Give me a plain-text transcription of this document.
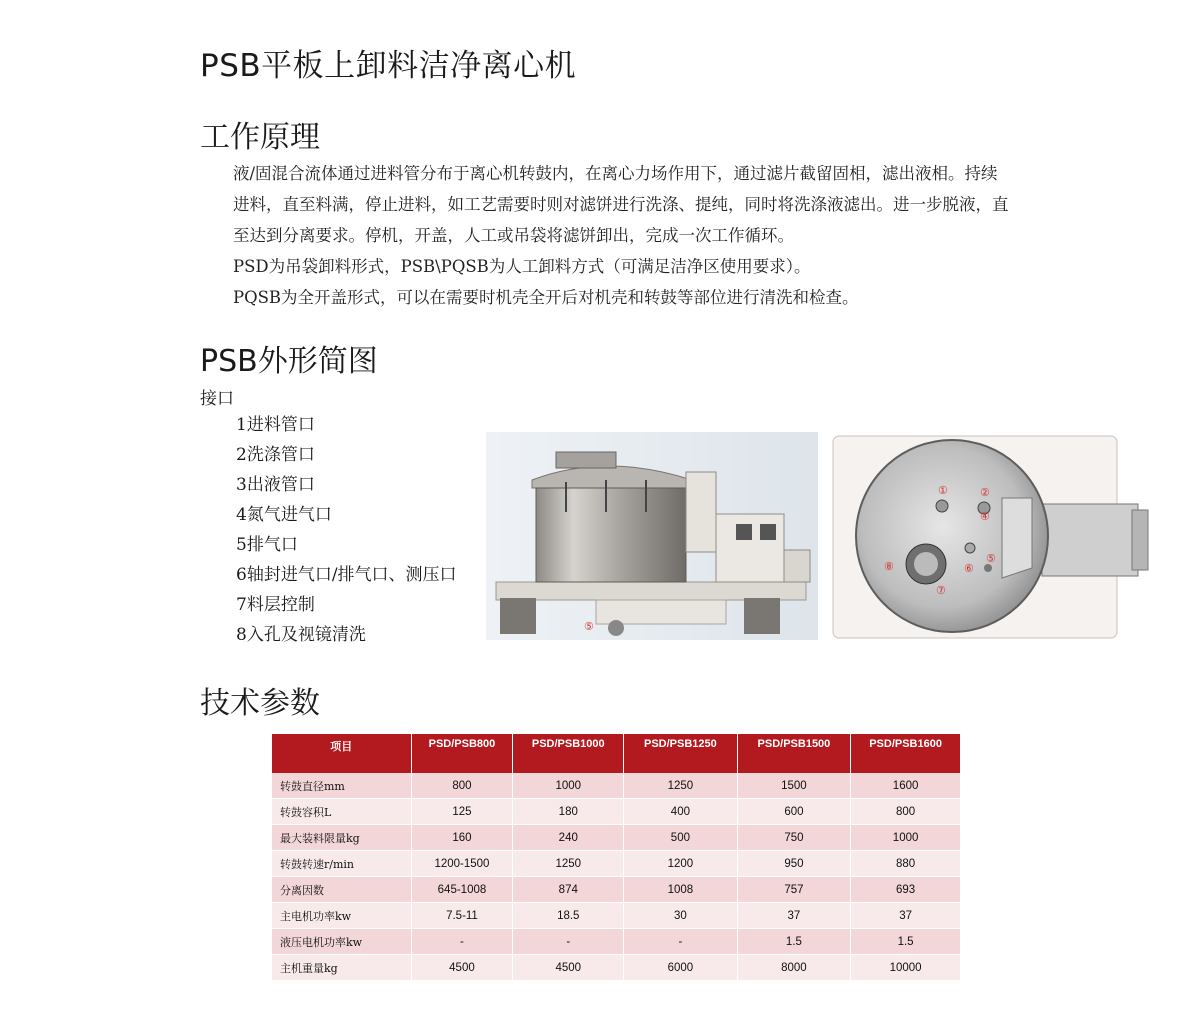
PSB平板上卸料洁净离心机
工作原理

液/固混合流体通过进料管分布于离心机转鼓内，在离心力场作用下，通过滤片截留固相，滤出液相。持续进料，直至料满，停止进料，如工艺需要时则对滤饼进行洗涤、提纯，同时将洗涤液滤出。进一步脱液，直至达到分离要求。停机，开盖，人工或吊袋将滤饼卸出，完成一次工作循环。

PSD为吊袋卸料形式，PSB\PQSB为人工卸料方式（可满足洁净区使用要求）。

PQSB为全开盖形式，可以在需要时机壳全开后对机壳和转鼓等部位进行清洗和检查。

PSB外形简图
接口
1进料管口
2洗涤管口
3出液管口
4氮气进气口
5排气口
6轴封进气口/排气口、测压口
7料层控制
8入孔及视镜清洗	⑤
①	②
④
⑤
⑥
⑦
⑧
技术参数
项目	PSD/PSB800	PSD/PSB1000	PSD/PSB1250	PSD/PSB1500	PSD/PSB1600
转鼓直径mm	800	1000	1250	1500	1600
转鼓容积L	125	180	400	600	800
最大装料限量kg	160	240	500	750	1000
转鼓转速r/min	1200-1500	1250	1200	950	880
分离因数	645-1008	874	1008	757	693
主电机功率kw	7.5-11	18.5	30	37	37
液压电机功率kw	-	-	-	1.5	1.5
主机重量kg	4500	4500	6000	8000	10000
